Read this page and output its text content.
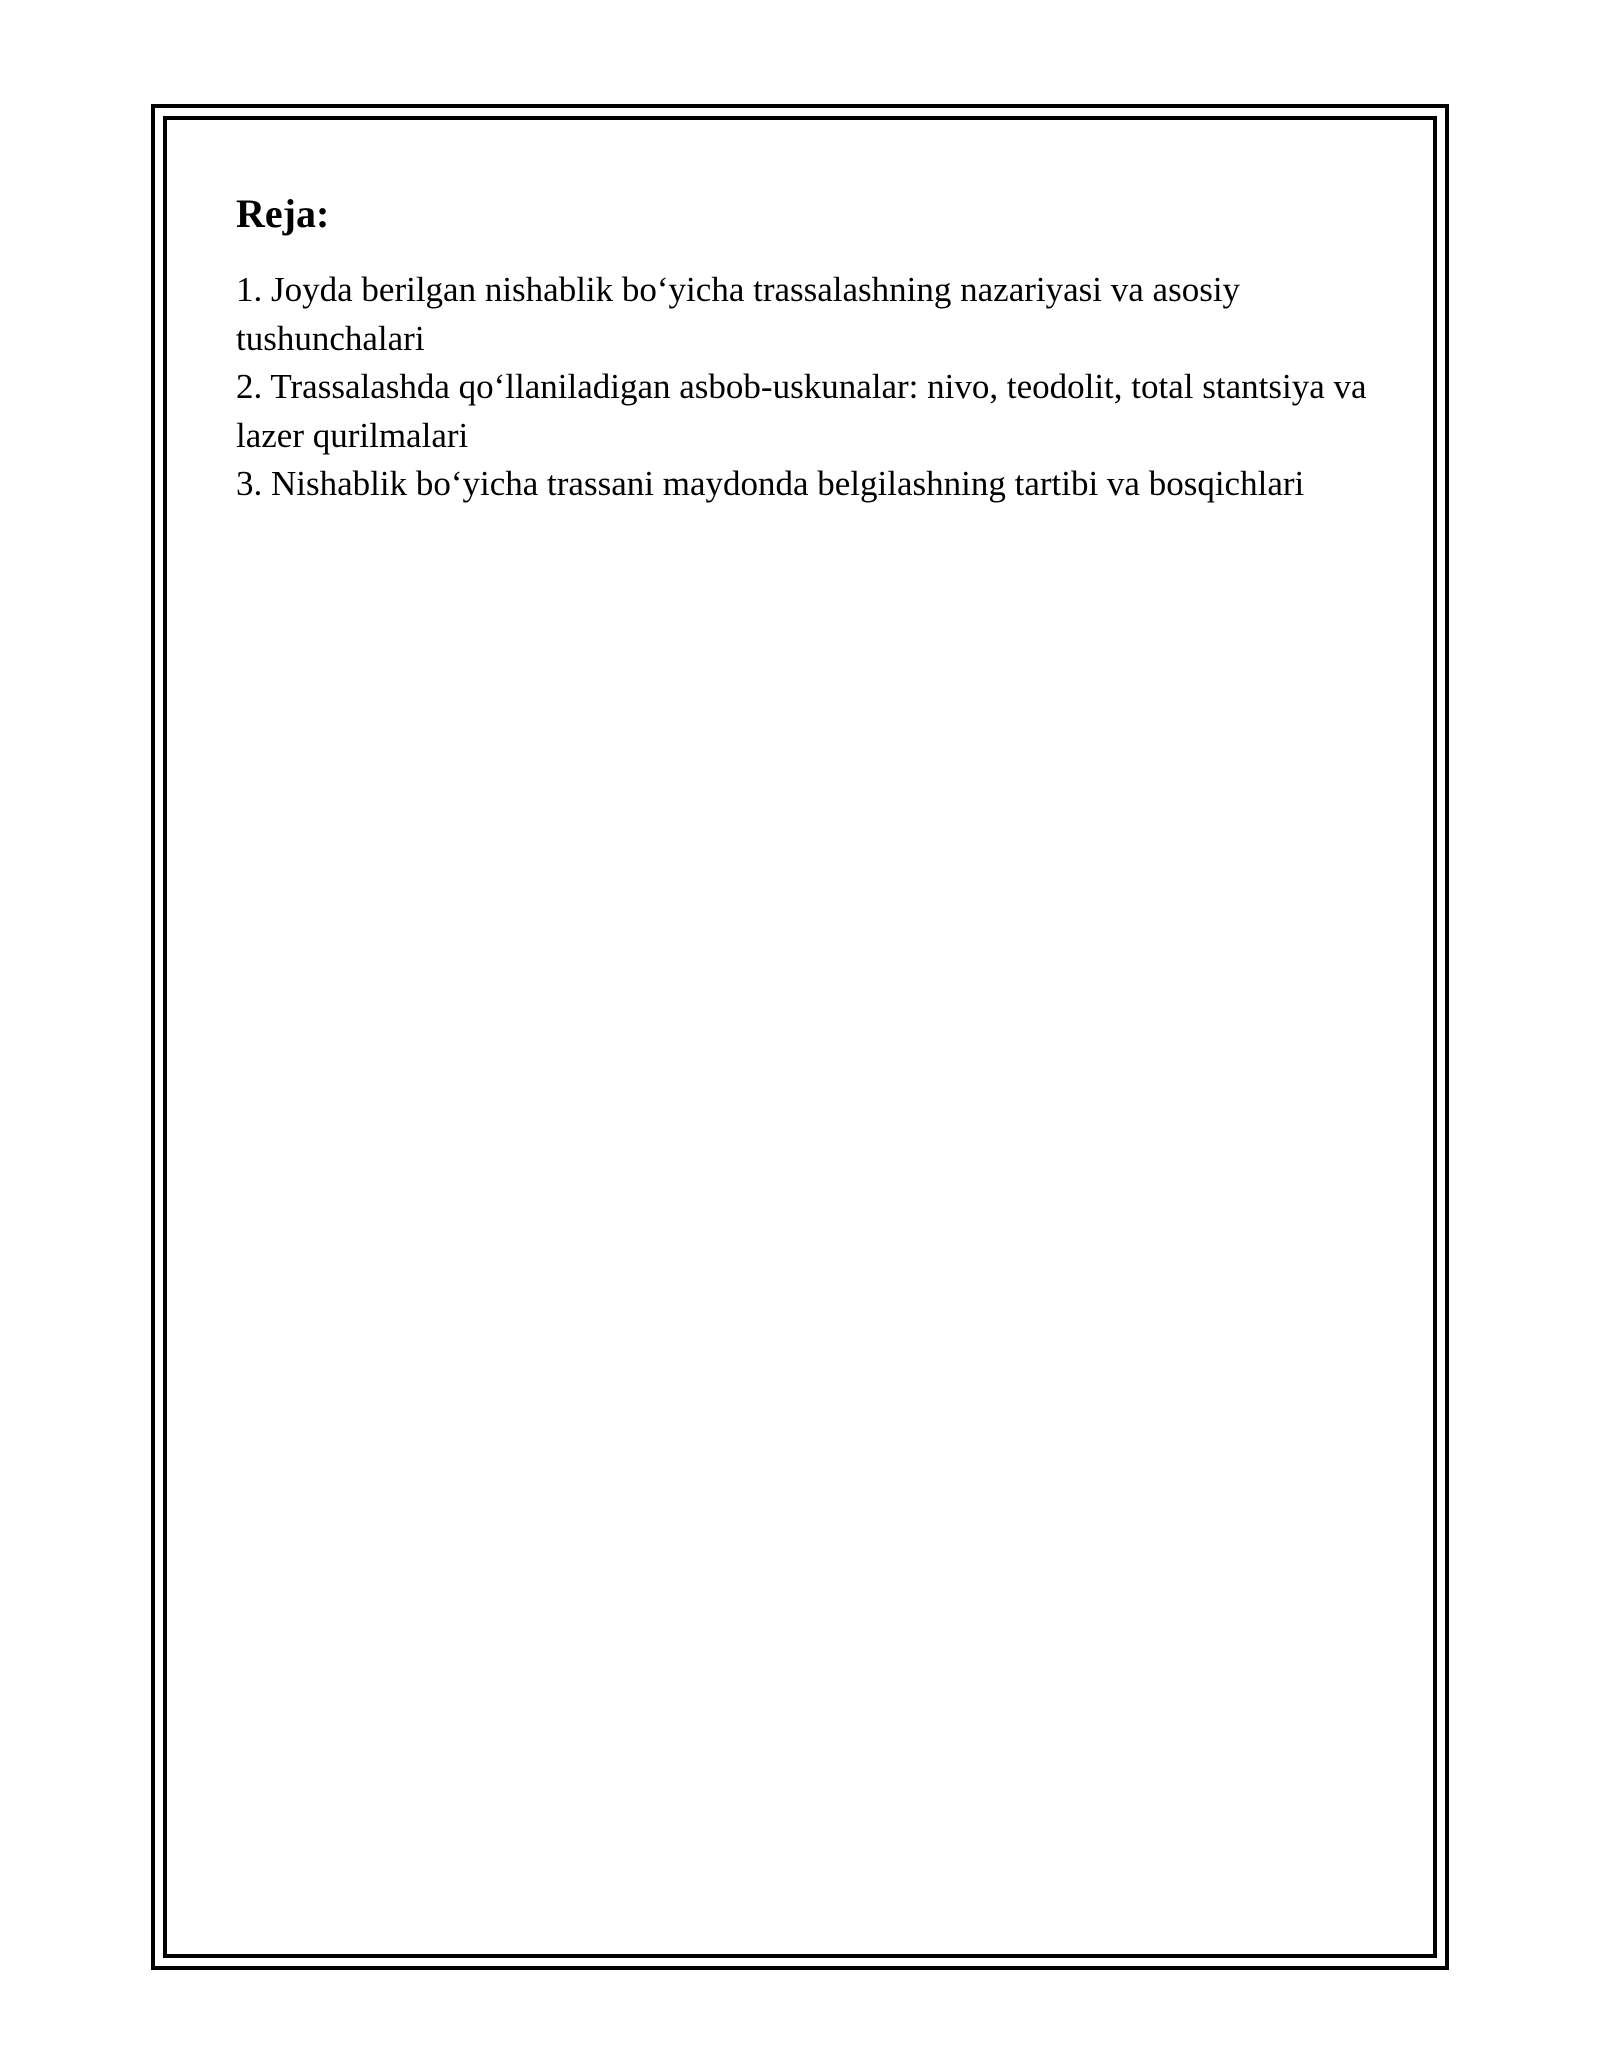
Reja:
1. Joyda berilgan nishablik bo‘yicha trassalashning nazariyasi va asosiy tushunchalari
2. Trassalashda qo‘llaniladigan asbob-uskunalar: nivo, teodolit, total stantsiya va lazer qurilmalari
3. Nishablik bo‘yicha trassani maydonda belgilashning tartibi va bosqichlari
